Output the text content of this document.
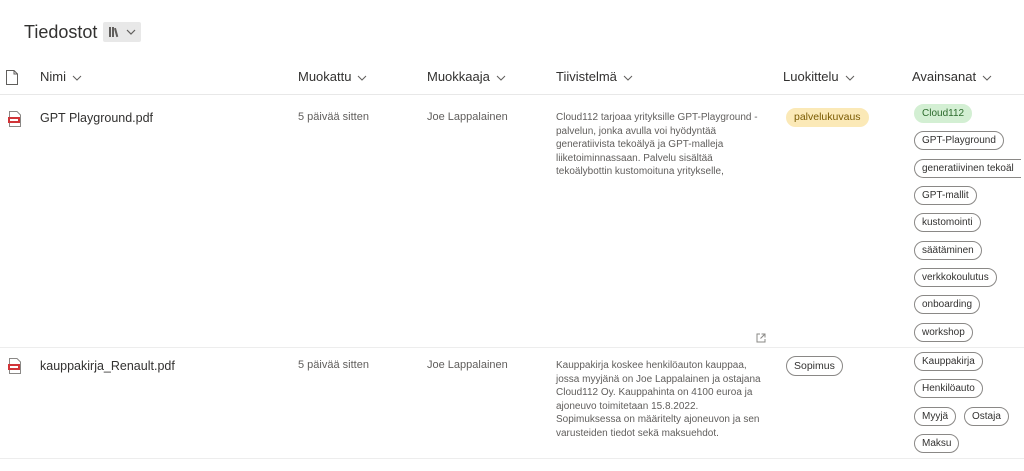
Tiedostot
Nimi	Muokattu	Muokkaaja	Tiivistelmä	Luokittelu	Avainsanat
GPT Playground.pdf	5 päivää sitten	Joe Lappalainen	Cloud112 tarjoaa yrityksille GPT-Playground -
palvelun, jonka avulla voi hyödyntää
generatiivista tekoälyä ja GPT-malleja
liiketoiminnassaan. Palvelu sisältää
tekoälybottin kustomoituna yritykselle,
palvelukuvaus	Cloud112
GPT-Playground
generatiivinen tekoäl
GPT-mallit
kustomointi
säätäminen
verkkokoulutus
onboarding
workshop
kauppakirja_Renault.pdf	5 päivää sitten	Joe Lappalainen	Kauppakirja koskee henkilöauton kauppaa,
jossa myyjänä on Joe Lappalainen ja ostajana
Cloud112 Oy. Kauppahinta on 4100 euroa ja
ajoneuvo toimitetaan 15.8.2022.
Sopimuksessa on määritelty ajoneuvon ja sen
varusteiden tiedot sekä maksuehdot.
Sopimus	Kauppakirja
Henkilöauto
Myyjä	Ostaja
Maksu
